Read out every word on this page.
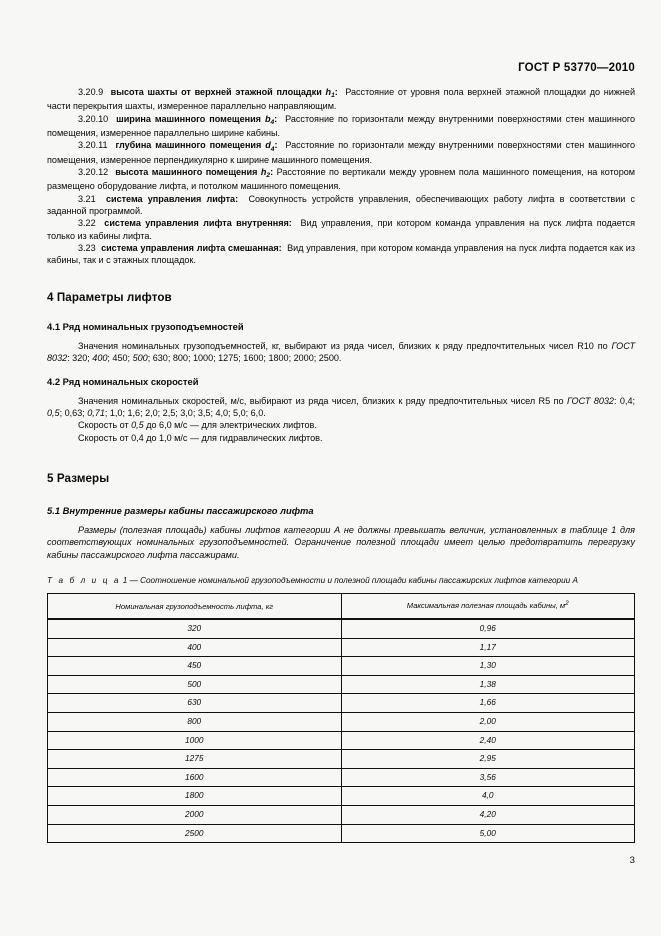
ГОСТ Р 53770—2010

3.20.9 высота шахты от верхней этажной площадки $h_1$: Расстояние от уровня пола верхней этажной площадки до нижней части перекрытия шахты, измеренное параллельно направляющим.

3.20.10 ширина машинного помещения $b_4$: Расстояние по горизонтали между внутренними поверхностями стен машинного помещения, измеренное параллельно ширине кабины.

3.20.11 глубина машинного помещения $d_4$: Расстояние по горизонтали между внутренними поверхностями стен машинного помещения, измеренное перпендикулярно к ширине машинного помещения.

3.20.12 высота машинного помещения $h_2$: Расстояние по вертикали между уровнем пола машинного помещения, на котором размещено оборудование лифта, и потолком машинного помещения.

3.21 система управления лифта: Совокупность устройств управления, обеспечивающих работу лифта в соответствии с заданной программой.

3.22 система управления лифта внутренняя: Вид управления, при котором команда управления на пуск лифта подается только из кабины лифта.

3.23 система управления лифта смешанная: Вид управления, при котором команда управления на пуск лифта подается как из кабины, так и с этажных площадок.

4 Параметры лифтов
4.1 Ряд номинальных грузоподъемностей

Значения номинальных грузоподъемностей, кг, выбирают из ряда чисел, близких к ряду предпочтительных чисел R10 по ГОСТ 8032: 320; 400; 450; 500; 630; 800; 1000; 1275; 1600; 1800; 2000; 2500.

4.2 Ряд номинальных скоростей

Значения номинальных скоростей, м/с, выбирают из ряда чисел, близких к ряду предпочтительных чисел R5 по ГОСТ 8032: 0,4; 0,5; 0,63; 0,71; 1,0; 1,6; 2,0; 2,5; 3,0; 3,5; 4,0; 5,0; 6,0.

Скорость от 0,5 до 6,0 м/с — для электрических лифтов.

Скорость от 0,4 до 1,0 м/с — для гидравлических лифтов.

5 Размеры
5.1 Внутренние размеры кабины пассажирского лифта

Размеры (полезная площадь) кабины лифтов категории А не должны превышать величин, установленных в таблице 1 для соответствующих номинальных грузоподъемностей. Ограничение полезной площади имеет целью предотвратить перегрузку кабины пассажирского лифта пассажирами.

Т а б л и ц а 1 — Соотношение номинальной грузоподъемности и полезной площади кабины пассажирских лифтов категории А

Номинальная грузоподъемность лифта, кг	Максимальная полезная площадь кабины, $м^2$
320	0,96
400	1,17
450	1,30
500	1,38
630	1,66
800	2,00
1000	2,40
1275	2,95
1600	3,56
1800	4,0
2000	4,20
2500	5,00
3
